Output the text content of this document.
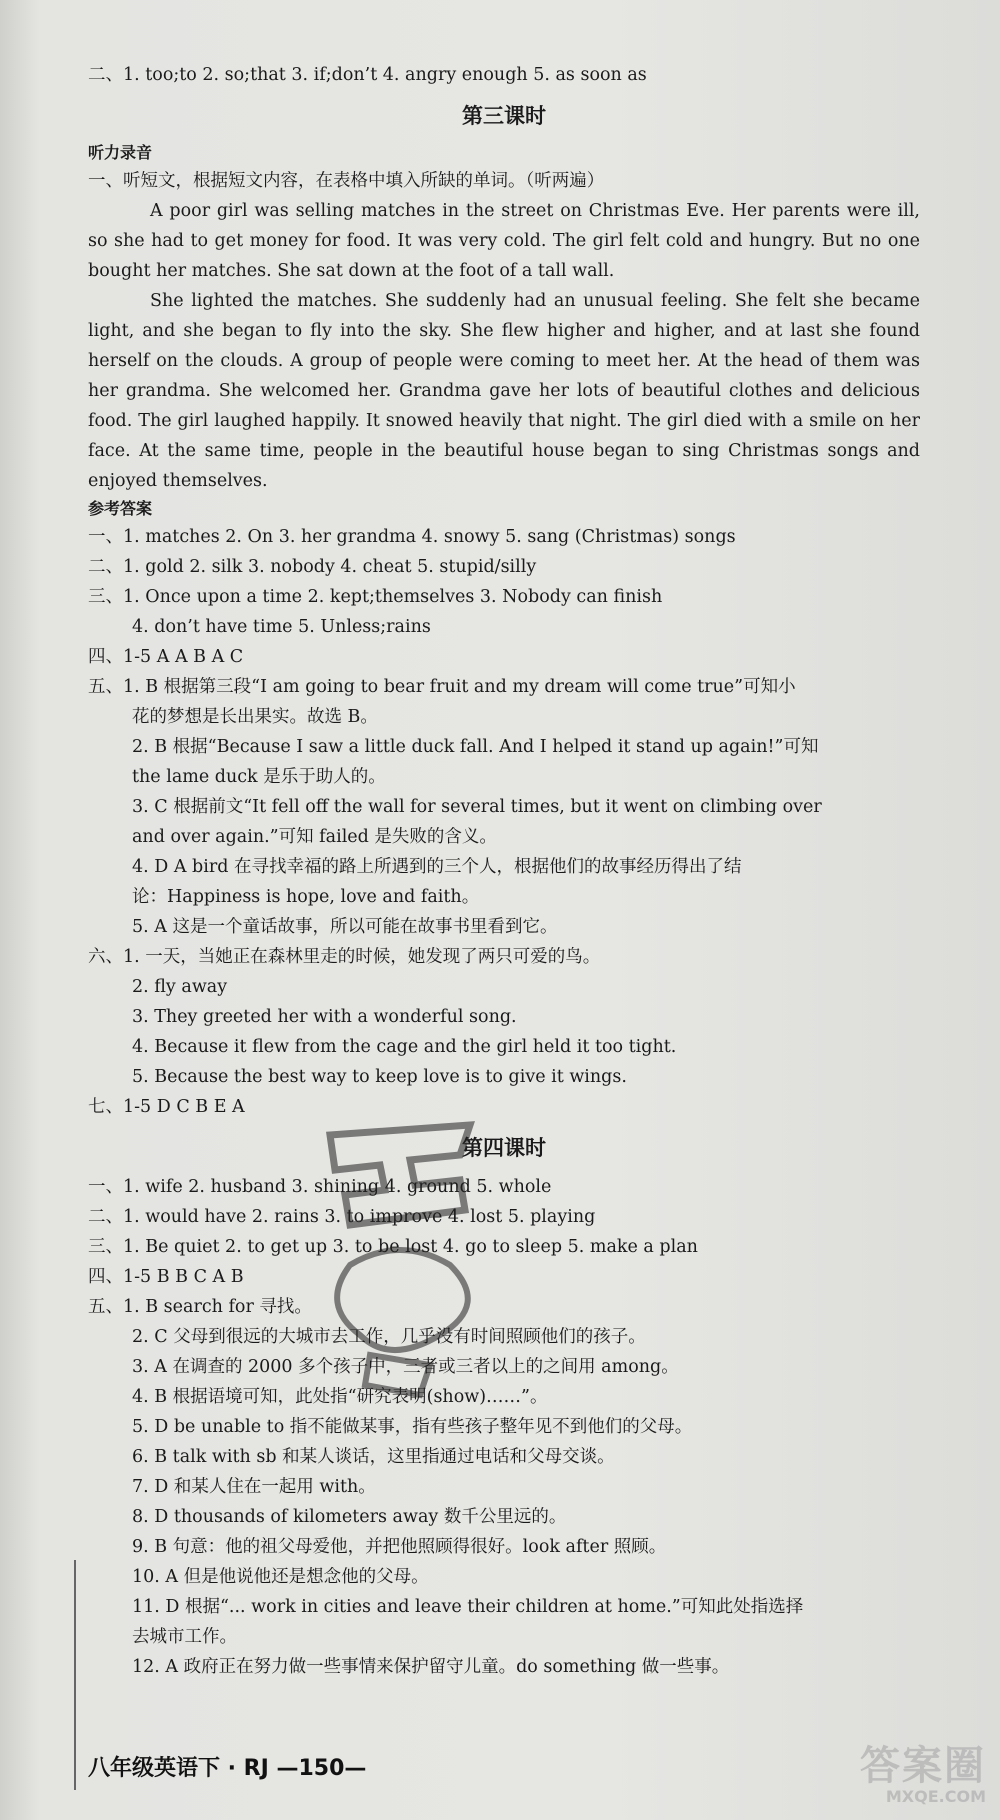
二、1. too;to 2. so;that 3. if;don’t 4. angry enough 5. as soon as
第三课时
听力录音
一、听短文，根据短文内容，在表格中填入所缺的单词。（听两遍）

A poor girl was selling matches in the street on Christmas Eve. Her parents were ill, so she had to get money for food. It was very cold. The girl felt cold and hungry. But no one bought her matches. She sat down at the foot of a tall wall.

She lighted the matches. She suddenly had an unusual feeling. She felt she became light, and she began to fly into the sky. She flew higher and higher, and at last she found herself on the clouds. A group of people were coming to meet her. At the head of them was her grandma. She welcomed her. Grandma gave her lots of beautiful clothes and delicious food. The girl laughed happily. It snowed heavily that night. The girl died with a smile on her face. At the same time, people in the beautiful house began to sing Christmas songs and enjoyed themselves.

参考答案
一、1. matches 2. On 3. her grandma 4. snowy 5. sang (Christmas) songs
二、1. gold 2. silk 3. nobody 4. cheat 5. stupid/silly
三、1. Once upon a time 2. kept;themselves 3. Nobody can finish
4. don’t have time 5. Unless;rains
四、1-5 A A B A C
五、1. B 根据第三段“I am going to bear fruit and my dream will come true”可知小
花的梦想是长出果实。故选 B。
2. B 根据“Because I saw a little duck fall. And I helped it stand up again!”可知
the lame duck 是乐于助人的。
3. C 根据前文“It fell off the wall for several times, but it went on climbing over
and over again.”可知 failed 是失败的含义。
4. D A bird 在寻找幸福的路上所遇到的三个人，根据他们的故事经历得出了结
论：Happiness is hope, love and faith。
5. A 这是一个童话故事，所以可能在故事书里看到它。
六、1. 一天，当她正在森林里走的时候，她发现了两只可爱的鸟。
2. fly away
3. They greeted her with a wonderful song.
4. Because it flew from the cage and the girl held it too tight.
5. Because the best way to keep love is to give it wings.
七、1-5 D C B E A
第四课时
一、1. wife 2. husband 3. shining 4. ground 5. whole
二、1. would have 2. rains 3. to improve 4. lost 5. playing
三、1. Be quiet 2. to get up 3. to be lost 4. go to sleep 5. make a plan
四、1-5 B B C A B
五、1. B search for 寻找。
2. C 父母到很远的大城市去工作，几乎没有时间照顾他们的孩子。
3. A 在调查的 2000 多个孩子中，三者或三者以上的之间用 among。
4. B 根据语境可知，此处指“研究表明(show)……”。
5. D be unable to 指不能做某事，指有些孩子整年见不到他们的父母。
6. B talk with sb 和某人谈话，这里指通过电话和父母交谈。
7. D 和某人住在一起用 with。
8. D thousands of kilometers away 数千公里远的。
9. B 句意：他的祖父母爱他，并把他照顾得很好。look after 照顾。
10. A 但是他说他还是想念他的父母。
11. D 根据“... work in cities and leave their children at home.”可知此处指选择
去城市工作。
12. A 政府正在努力做一些事情来保护留守儿童。do something 做一些事。
八年级英语下 · RJ —150—	答案圈
MXQE.COM
